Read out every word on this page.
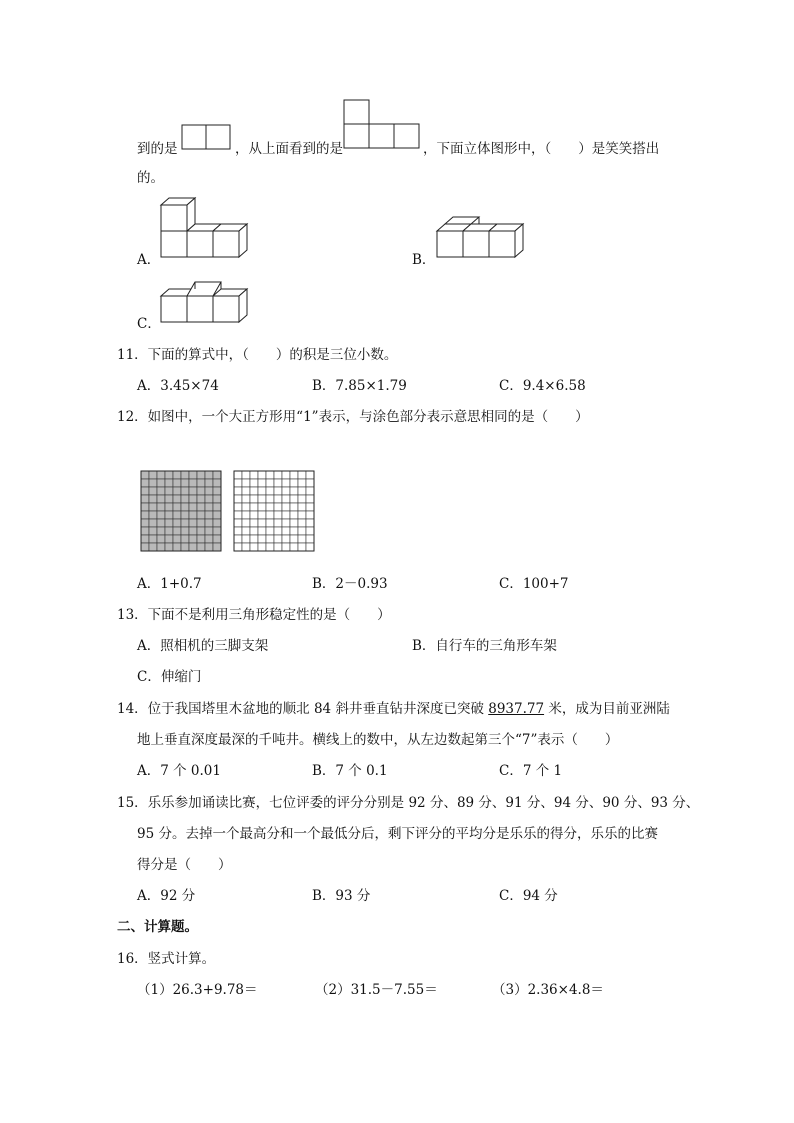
到的是	，从上面看到的是	，下面立体图形中，（　　）是笑笑搭出
的。
A．	B．
C．
11．下面的算式中，（　　）的积是三位小数。
A．3.45×74	B．7.85×1.79	C．9.4×6.58
12．如图中，一个大正方形用“1”表示，与涂色部分表示意思相同的是（　　）
A．1+0.7	B．2－0.93	C．100+7
13．下面不是利用三角形稳定性的是（　　）
A．照相机的三脚支架	B．自行车的三角形车架
C．伸缩门
14．位于我国塔里木盆地的顺北 84 斜井垂直钻井深度已突破 8937.77 米，成为目前亚洲陆
地上垂直深度最深的千吨井。横线上的数中，从左边数起第三个“7”表示（　　）
A．7 个 0.01	B．7 个 0.1	C．7 个 1
15．乐乐参加诵读比赛，七位评委的评分分别是 92 分、89 分、91 分、94 分、90 分、93 分、
95 分。去掉一个最高分和一个最低分后，剩下评分的平均分是乐乐的得分，乐乐的比赛
得分是（　　）
A．92 分	B．93 分	C．94 分
二、计算题。
16．竖式计算。
（1）26.3+9.78＝	（2）31.5－7.55＝	（3）2.36×4.8＝
